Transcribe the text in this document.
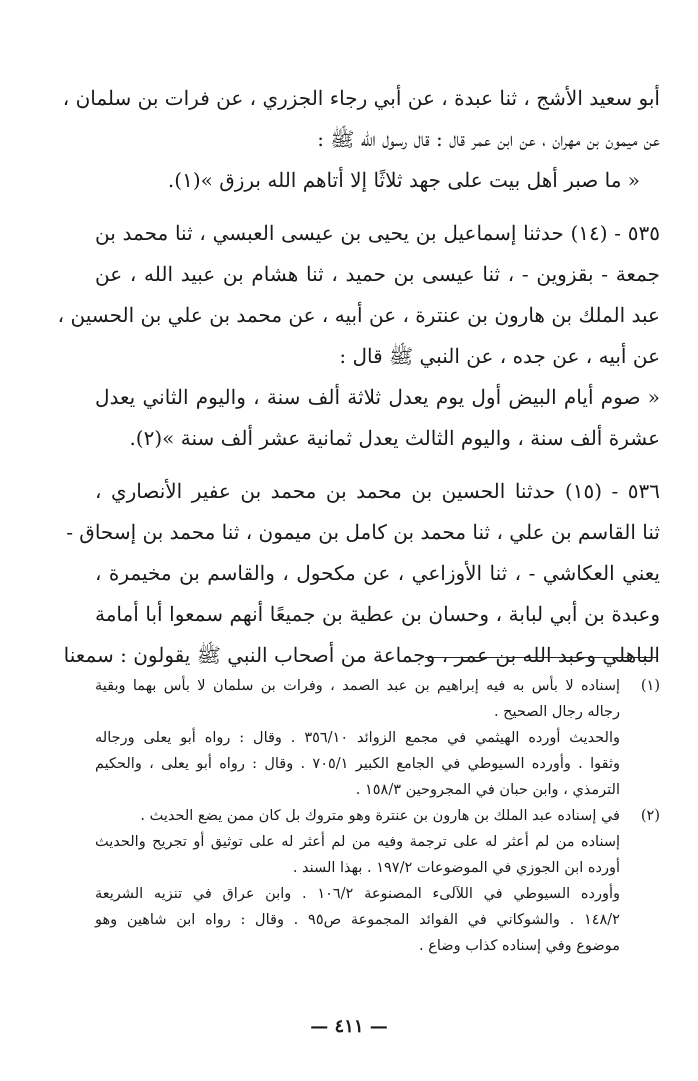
أبو سعيد الأشج ، ثنا عبدة ، عن أبي رجاء الجزري ، عن فرات بن سلمان ،
عن ميمون بن مهران ، عن ابن عمر قال : قال رسول الله ﷺ :
« ما صبر أهل بيت على جهد ثلاثًا إلا أتاهم الله برزق »(١).
٥٣٥ - (١٤) حدثنا إسماعيل بن يحيى بن عيسى العبسي ، ثنا محمد بن
جمعة - بقزوين - ، ثنا عيسى بن حميد ، ثنا هشام بن عبيد الله ، عن
عبد الملك بن هارون بن عنترة ، عن أبيه ، عن محمد بن علي بن الحسين ،
عن أبيه ، عن جده ، عن النبي ﷺ قال :
« صوم أيام البيض أول يوم يعدل ثلاثة ألف سنة ، واليوم الثاني يعدل
عشرة ألف سنة ، واليوم الثالث يعدل ثمانية عشر ألف سنة »(٢).
٥٣٦ - (١٥) حدثنا الحسين بن محمد بن محمد بن عفير الأنصاري ،
ثنا القاسم بن علي ، ثنا محمد بن كامل بن ميمون ، ثنا محمد بن إسحاق -
يعني العكاشي - ، ثنا الأوزاعي ، عن مكحول ، والقاسم بن مخيمرة ،
وعبدة بن أبي لبابة ، وحسان بن عطية بن جميعًا أنهم سمعوا أبا أمامة
الباهلي وعبد الله بن عمر ، وجماعة من أصحاب النبي ﷺ يقولون : سمعنا
(١)إسناده لا بأس به فيه إبراهيم بن عبد الصمد ، وفرات بن سلمان لا بأس بهما وبقية
رجاله رجال الصحيح .
والحديث أورده الهيثمي في مجمع الزوائد ٣٥٦/١٠ . وقال : رواه أبو يعلى ورجاله
وثقوا . وأورده السيوطي في الجامع الكبير ٧٠٥/١ . وقال : رواه أبو يعلى ، والحكيم
الترمذي ، وابن حبان في المجروحين ١٥٨/٣ .
(٢)في إسناده عبد الملك بن هارون بن عنترة وهو متروك بل كان ممن يضع الحديث .
إسناده من لم أعثر له على ترجمة وفيه من لم أعثر له على توثيق أو تجريح والحديث
أورده ابن الجوزي في الموضوعات ١٩٧/٢ . بهذا السند .
وأورده السيوطي في اللآلىء المصنوعة ١٠٦/٢ . وابن عراق في تنزيه الشريعة
١٤٨/٢ . والشوكاني في الفوائد المجموعة ص٩٥ . وقال : رواه ابن شاهين وهو
موضوع وفي إسناده كذاب وضاع .
— ٤١١ —
